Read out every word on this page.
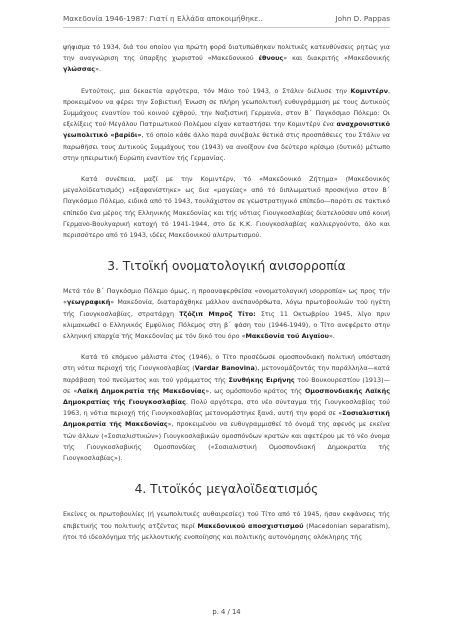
Μακεδονία 1946-1987: Γιατί η Ελλάδα αποκοιμήθηκε..	John D. Pappas

ψήφισμα τό 1934, διά του οποίου για πρώτη φορά διατυπώθηκαν πολιτικές κατευθύνσεις ρητώς για την αναγνώριση της ύπαρξης χωριστού «Μακεδονικού έθνους» και διακριτής «Μακεδονικής γλώσσας».

Εντούτοις, μια δεκαετία αργότερα, τόν Μάιο τού 1943, ο Στάλιν διέλυσε την Κομιντέρν, προκειμένου να φέρει την Σοβιετική Ένωση σε πλήρη γεωπολιτική ευθυγράμμιση με τους Δυτικούς Συμμάχους εναντίον τού κοινού εχθρού, την Ναζιστική Γερμανία, στον Β΄ Παγκόσμιο Πόλεμο: Οι εξελίξεις τού Μεγάλου Πατριωτικού Πολέμου είχαν καταστήσει την Κομιντέρν ένα αναχρονιστικό γεωπολιτικό «βαρίδι», τό οποίο κάθε άλλο παρά συνέβαλε θετικά στις προσπάθειες του Στάλιν να παρωθήσει τους Δυτικούς Συμμάχους του (1943) να ανοίξουν ένα δεύτερο κρίσιμο (δυτικό) μέτωπο στην ηπειρωτική Ευρώπη εναντίον τής Γερμανίας.

Κατά συνέπεια, μαζί με την Κομιντέρν, τό «Μακεδονικό Ζήτημα» (Μακεδονικός μεγαλοϊδεατισμός) «εξαφανίστηκε» ως δια «μαγείας» από τό διπλωματικό προσκήνιο στον Β΄ Παγκόσμιο Πόλεμο, ειδικά από τό 1943, τουλάχιστον σε γεωστρατηγικό επίπεδο—παρότι σε τακτικό επίπεδο ένα μέρος τής Ελληνικής Μακεδονίας και τής νότιας Γιουγκοσλαβίας διατελούσαν υπό κοινή Γερμανο-Βουλγαρική κατοχή τό 1941-1944, στο δε Κ.Κ. Γιουγκοσλαβίας καλλιεργούντο, όλο και περισσότερο από τό 1943, ιδέες Μακεδονικού αλυτρωτισμού.

3. Τιτοϊκή ονοματολογική ανισορροπία

Μετά τόν Β΄ Παγκόσμιο Πόλεμο όμως, η προαναφερθείσα «ονοματολογική ισορροπία» ως προς τήν «γεωγραφική» Μακεδονία, διαταράχθηκε μάλλον ανεπανόρθωτα, λόγω πρωτοβουλιών τού ηγέτη τής Γιουγκοσλαβίας, στρατάρχη Τζόζιπ Μπροζ Τίτο: Στις 11 Οκτωβρίου 1945, λίγο πριν κλιμακωθεί ο Ελληνικός Εμφύλιος Πόλεμος στη β΄ φάση του (1946-1949), ο Τίτο ανεφέρετο στην ελληνική επαρχία τής Μακεδονίας με τόν δικό του όρο «Μακεδονία τού Αιγαίου».

Κατά τό επόμενο μάλιστα έτος (1946), ο Τίτο προσέδωσε ομοσπονδιακή πολιτική υπόσταση στη νότια περιοχή τής Γιουγκοσλαβίας (Vardar Banovina), μετονομάζοντάς την παράλληλα—κατά παράβαση τού πνεύματος και τού γράμματος τής Συνθήκης Ειρήνης τού Βουκουρεστίου (1913)—σε «Λαϊκή Δημοκρατία τής Μακεδονίας», ως ομόσπονδο κράτος τής Ομοσπονδιακής Λαϊκής Δημοκρατίας τής Γιουγκοσλαβίας. Πολύ αργότερα, στο νέο σύνταγμα τής Γιουγκοσλαβίας τού 1963, η νότια περιοχή τής Γιουγκοσλαβίας μετονομάστηκε ξανά, αυτή την φορά σε «Σοσιαλιστική Δημοκρατία τής Μακεδονίας», προκειμένου να ευθυγραμμισθεί τό όνομά της αφενός με εκείνα τών άλλων («Σοσιαλιστικών») Γιουγκοσλαβικών ομοσπόνδων κρατών και αφετέρου με τό νέο όνομα τής Γιουγκοσλαβικής Ομοσπονδίας («Σοσιαλιστική Ομοσπονδιακή Δημοκρατία τής Γιουγκοσλαβίας»).

4. Τιτοϊκός μεγαλοϊδεατισμός

Εκείνες οι πρωτοβουλίες (ή γεωπολιτικές αυθαιρεσίες) τού Τίτο από τό 1945, ήσαν εκφάνσεις τής επιβετικής του πολιτικής ατζέντας περί Μακεδονικού αποσχιστισμού (Macedonian separatism), ήτοι τό ιδεολόγημα τής μελλοντικής ενοποίησης και πολιτικής αυτονόμησης ολόκληρης τής

p. 4 / 14
